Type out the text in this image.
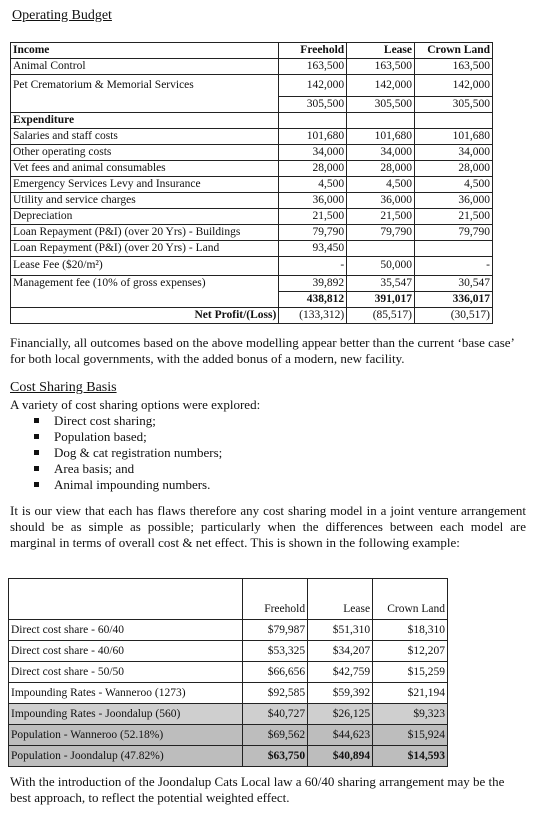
Operating Budget
Income	Freehold	Lease	Crown Land
Animal Control	163,500	163,500	163,500
Pet Crematorium & Memorial Services	142,000	142,000	142,000
	305,500	305,500	305,500
Expenditure			
Salaries and staff costs	101,680	101,680	101,680
Other operating costs	34,000	34,000	34,000
Vet fees and animal consumables	28,000	28,000	28,000
Emergency Services Levy and Insurance	4,500	4,500	4,500
Utility and service charges	36,000	36,000	36,000
Depreciation	21,500	21,500	21,500
Loan Repayment (P&I) (over 20 Yrs) - Buildings	79,790	79,790	79,790
Loan Repayment (P&I) (over 20 Yrs) - Land	93,450		
Lease Fee ($20/m²)	-	50,000	-
Management fee (10% of gross expenses)	39,892	35,547	30,547
	438,812	391,017	336,017
Net Profit/(Loss)	(133,312)	(85,517)	(30,517)
Financially, all outcomes based on the above modelling appear better than the current ‘base case’ for both local governments, with the added bonus of a modern, new facility.
Cost Sharing Basis
A variety of cost sharing options were explored:
Direct cost sharing;
Population based;
Dog & cat registration numbers;
Area basis; and
Animal impounding numbers.
It is our view that each has flaws therefore any cost sharing model in a joint venture arrangement should be as simple as possible; particularly when the differences between each model are marginal in terms of overall cost & net effect. This is shown in the following example:
	Freehold	Lease	Crown Land
Direct cost share - 60/40	$79,987	$51,310	$18,310
Direct cost share - 40/60	$53,325	$34,207	$12,207
Direct cost share - 50/50	$66,656	$42,759	$15,259
Impounding Rates - Wanneroo (1273)	$92,585	$59,392	$21,194
Impounding Rates - Joondalup (560)	$40,727	$26,125	$9,323
Population - Wanneroo (52.18%)	$69,562	$44,623	$15,924
Population - Joondalup (47.82%)	$63,750	$40,894	$14,593
With the introduction of the Joondalup Cats Local law a 60/40 sharing arrangement may be the best approach, to reflect the potential weighted effect.
